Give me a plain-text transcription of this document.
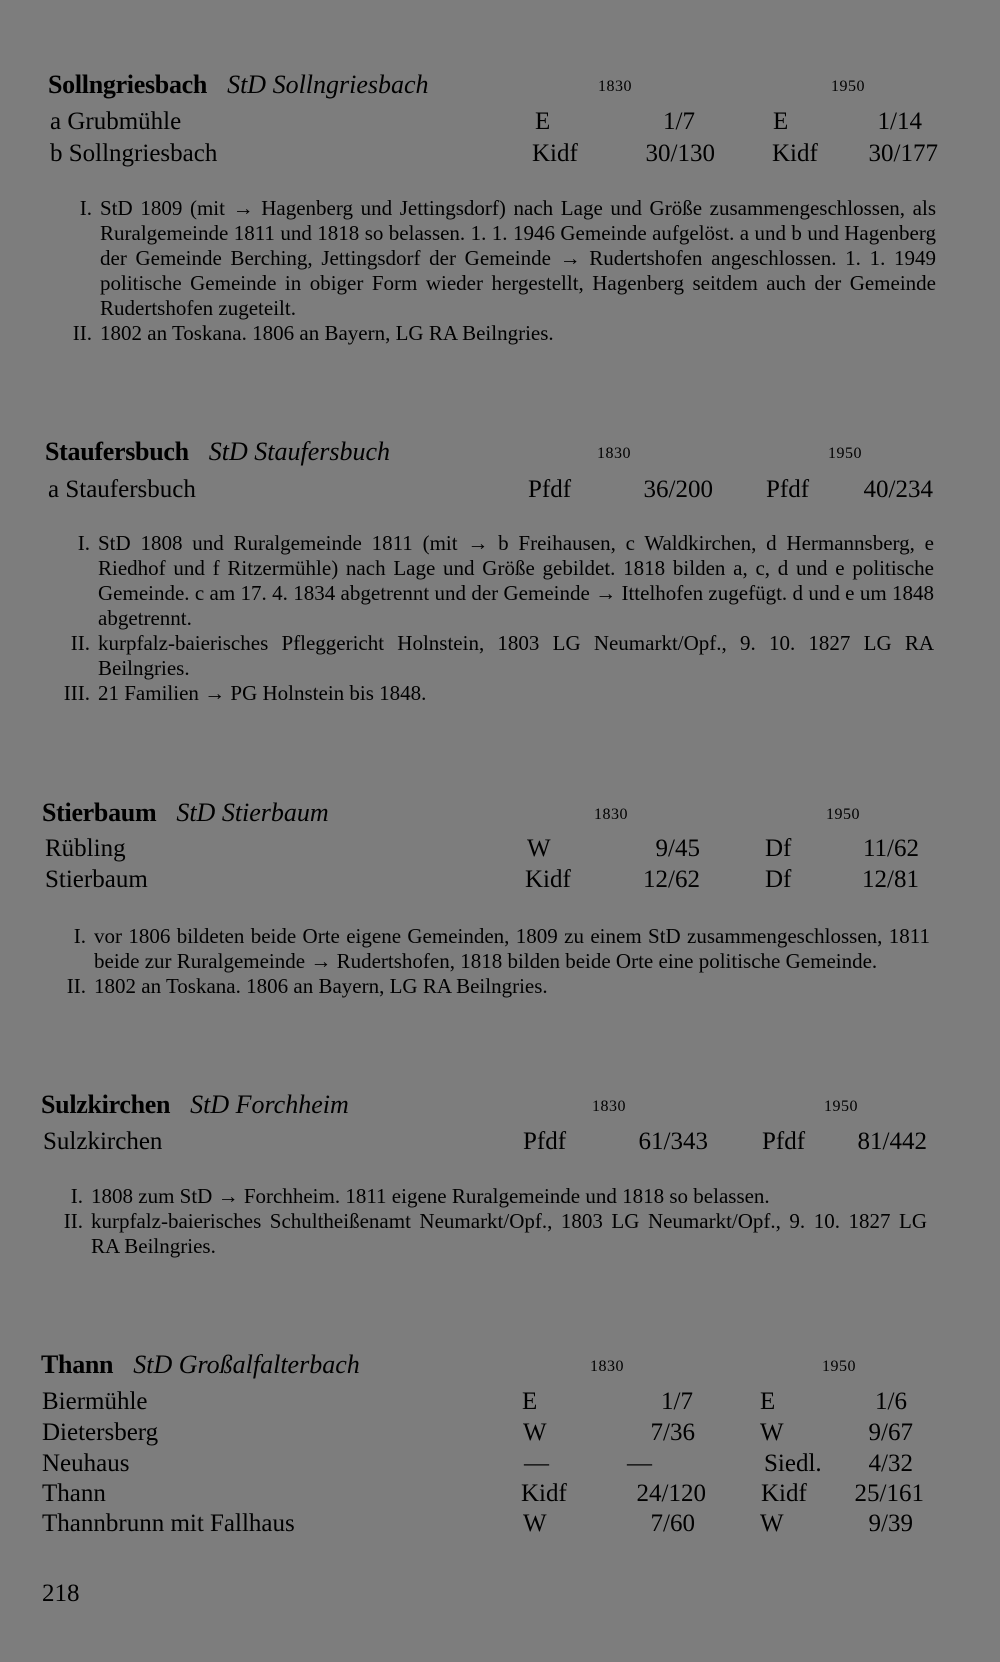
Sollngriesbach StD Sollngriesbach	1830	1950
a Grubmühle	E	1/7	E	1/14
b Sollngriesbach	Kidf	30/130 Kidf	30/177
I. StD 1809 (mit → Hagenberg und Jettingsdorf) nach Lage und Größe zusammengeschlossen, als Ruralgemeinde 1811 und 1818 so belassen. 1. 1. 1946 Gemeinde aufgelöst. a und b und Hagenberg der Gemeinde Berching, Jettingsdorf der Gemeinde → Rudertshofen angeschlossen. 1. 1. 1949 politische Gemeinde in obiger Form wieder hergestellt, Hagenberg seitdem auch der Gemeinde Rudertshofen zugeteilt.
II. 1802 an Toskana. 1806 an Bayern, LG RA Beilngries.
Staufersbuch StD Staufersbuch	1830	1950
a Staufersbuch	Pfdf	36/200 Pfdf	40/234
I. StD 1808 und Ruralgemeinde 1811 (mit → b Freihausen, c Waldkirchen, d Hermannsberg, e Riedhof und f Ritzermühle) nach Lage und Größe gebildet. 1818 bilden a, c, d und e politische Gemeinde. c am 17. 4. 1834 abgetrennt und der Gemeinde → Ittelhofen zugefügt. d und e um 1848 abgetrennt.
II. kurpfalz-baierisches Pfleggericht Holnstein, 1803 LG Neumarkt/Opf., 9. 10. 1827 LG RA Beilngries.
III. 21 Familien → PG Holnstein bis 1848.
Stierbaum StD Stierbaum	1830	1950
Rübling	W	9/45	Df	11/62
Stierbaum	Kidf	12/62	Df	12/81
I. vor 1806 bildeten beide Orte eigene Gemeinden, 1809 zu einem StD zusammengeschlossen, 1811 beide zur Ruralgemeinde → Rudertshofen, 1818 bilden beide Orte eine politische Gemeinde.
II. 1802 an Toskana. 1806 an Bayern, LG RA Beilngries.
Sulzkirchen StD Forchheim	1830	1950
Sulzkirchen	Pfdf	61/343 Pfdf	81/442
I. 1808 zum StD → Forchheim. 1811 eigene Ruralgemeinde und 1818 so belassen.
II. kurpfalz-baierisches Schultheißenamt Neumarkt/Opf., 1803 LG Neumarkt/Opf., 9. 10. 1827 LG RA Beilngries.
Thann StD Großalfalterbach	1830	1950
Biermühle	E	1/7	E	1/6
Dietersberg	W	7/36	W	9/67
Neuhaus	—	—	Siedl.	4/32
Thann	Kidf	24/120 Kidf	25/161
Thannbrunn mit Fallhaus	W	7/60	W	9/39
218
